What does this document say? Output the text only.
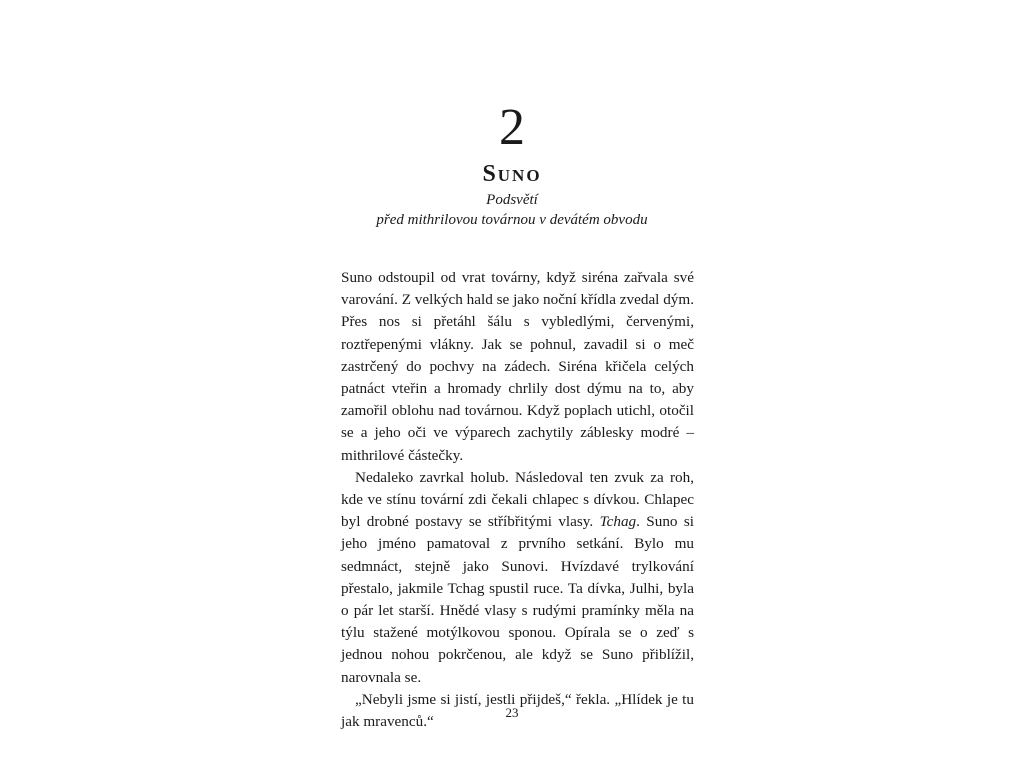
2
Suno
Podsvětí
před mithrilovou továrnou v devátém obvodu

Suno odstoupil od vrat továrny, když siréna zařvala své varování. Z velkých hald se jako noční křídla zvedal dým. Přes nos si přetáhl šálu s vybledlými, červenými, roztřepenými vlákny. Jak se pohnul, zavadil si o meč zastrčený do pochvy na zádech. Siréna křičela celých patnáct vteřin a hromady chrlily dost dýmu na to, aby zamořil oblohu nad továrnou. Když poplach utichl, otočil se a jeho oči ve výparech zachytily záblesky modré – mithrilové částečky.

Nedaleko zavrkal holub. Následoval ten zvuk za roh, kde ve stínu tovární zdi čekali chlapec s dívkou. Chlapec byl drobné postavy se stříbřitými vlasy. Tchag. Suno si jeho jméno pamatoval z prvního setkání. Bylo mu sedmnáct, stejně jako Sunovi. Hvízdavé trylkování přestalo, jakmile Tchag spustil ruce. Ta dívka, Julhi, byla o pár let starší. Hnědé vlasy s rudými pramínky měla na týlu stažené motýlkovou sponou. Opírala se o zeď s jednou nohou pokrčenou, ale když se Suno přiblížil, narovnala se.

„Nebyli jsme si jistí, jestli přijdeš,“ řekla. „Hlídek je tu jak mravenců.“

23
